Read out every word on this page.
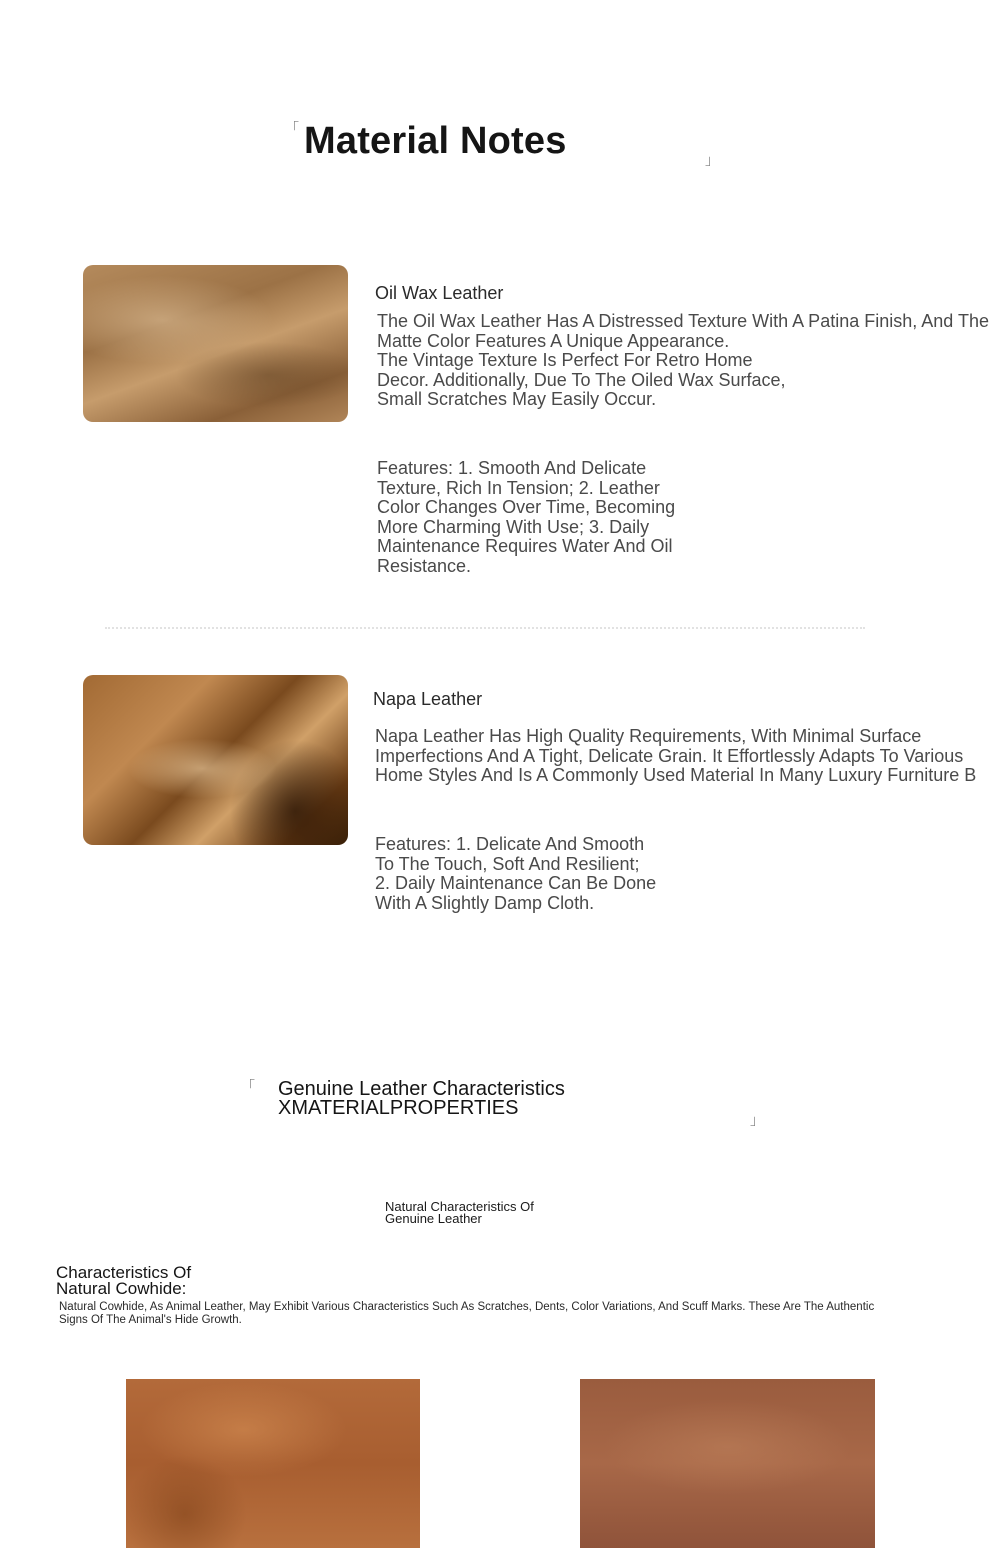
「 Material Notes	」
Oil Wax Leather
The Oil Wax Leather Has A Distressed Texture With A Patina Finish, And The
Matte Color Features A Unique Appearance.
The Vintage Texture Is Perfect For Retro Home
Decor. Additionally, Due To The Oiled Wax Surface,
Small Scratches May Easily Occur.
Features: 1. Smooth And Delicate
Texture, Rich In Tension; 2. Leather
Color Changes Over Time, Becoming
More Charming With Use; 3. Daily
Maintenance Requires Water And Oil
Resistance.
Napa Leather
Napa Leather Has High Quality Requirements, With Minimal Surface
Imperfections And A Tight, Delicate Grain. It Effortlessly Adapts To Various
Home Styles And Is A Commonly Used Material In Many Luxury Furniture B
Features: 1. Delicate And Smooth
To The Touch, Soft And Resilient;
2. Daily Maintenance Can Be Done
With A Slightly Damp Cloth.
「 Genuine Leather Characteristics
XMATERIALPROPERTIES
」
Natural Characteristics Of
Genuine Leather
Characteristics Of
Natural Cowhide:
Natural Cowhide, As Animal Leather, May Exhibit Various Characteristics Such As Scratches, Dents, Color Variations, And Scuff Marks. These Are The Authentic
Signs Of The Animal's Hide Growth.
